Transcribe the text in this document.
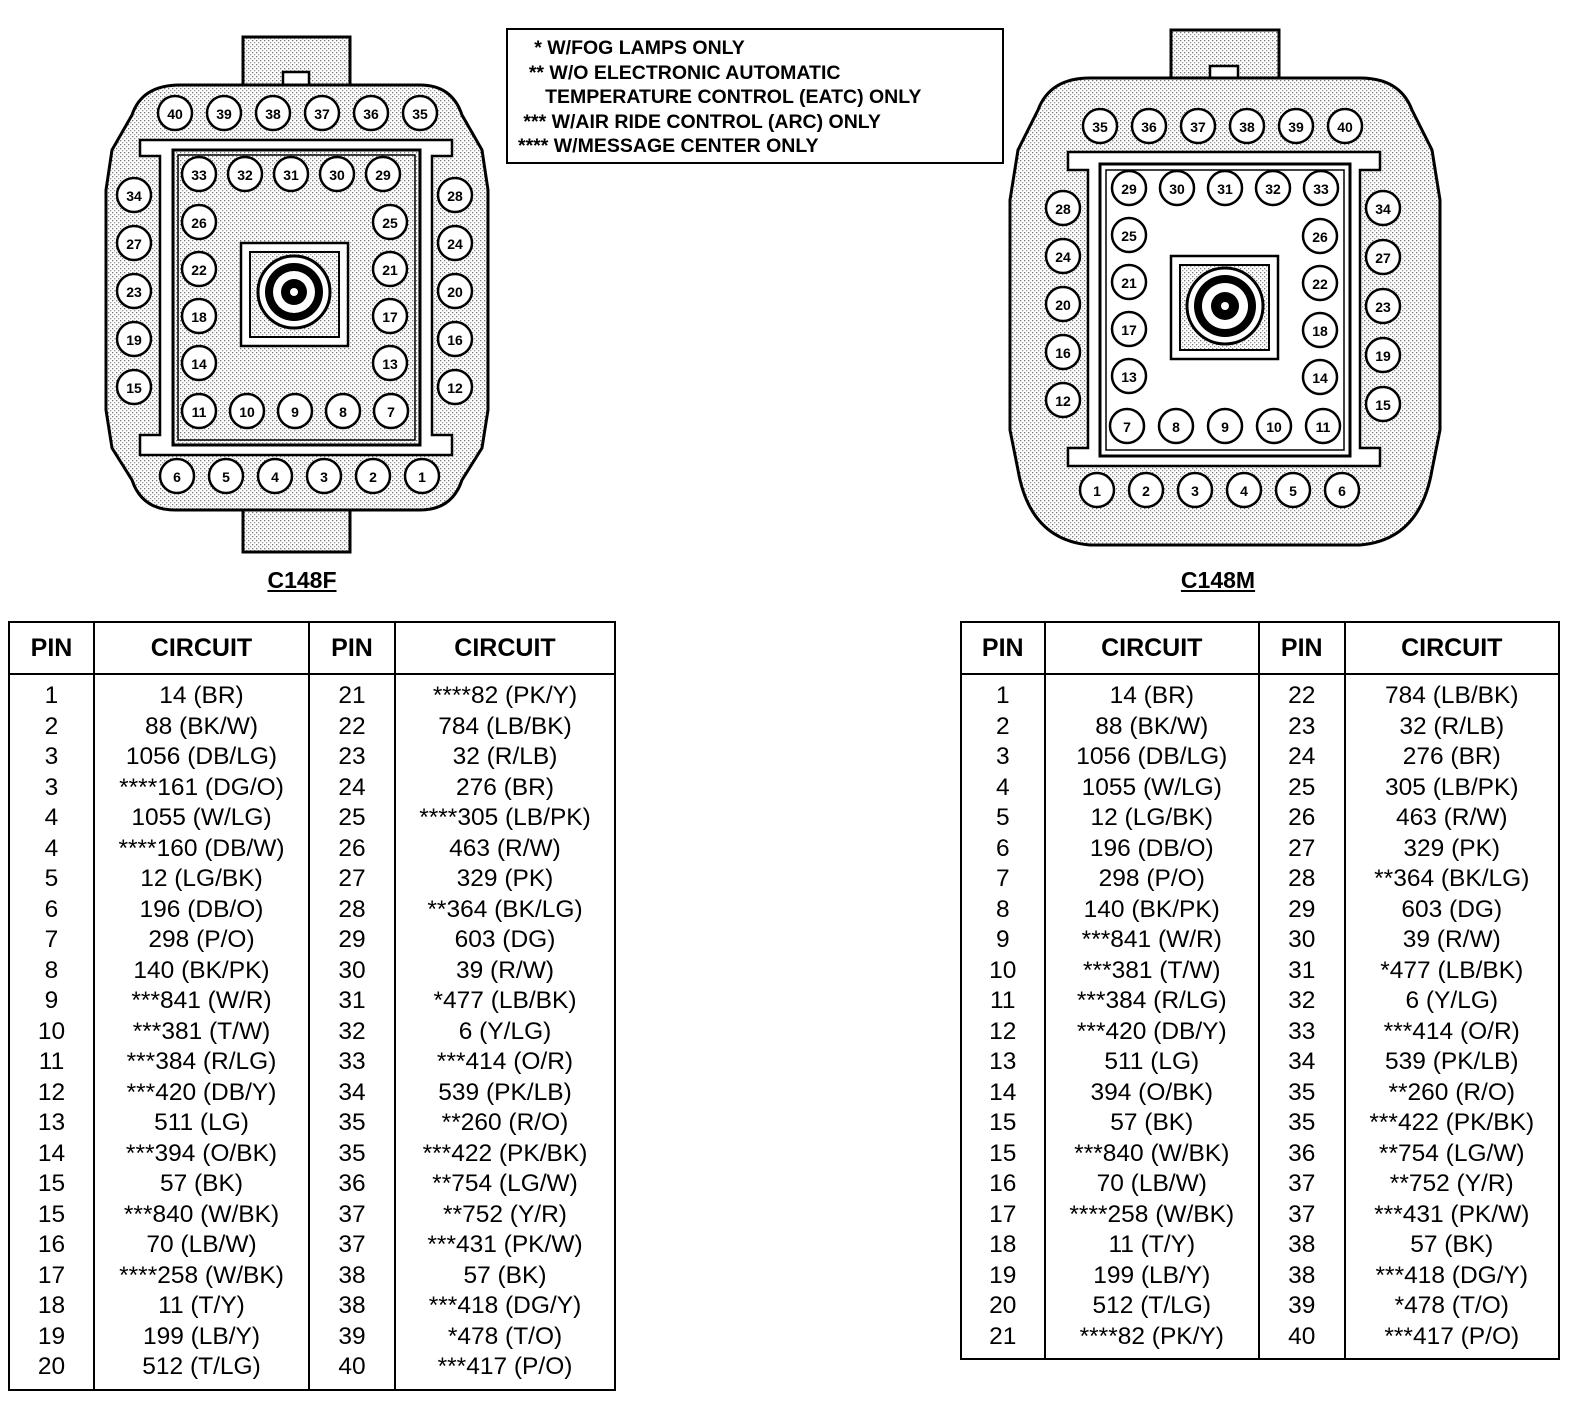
40 39 38 37 36 35
33 32 31 30 29
26
22
18
14
25
21
17
13
11 10	9	8	7
34
27
23
19
15
28
24
20
16
12
6	5	4	3	2	1
35 36 37 38 39 40
29 30 31 32 33
25
21
17
13
26
22
18
14
7	8	9	10 11
28
24
20
16
12
34
27
23
19
15
1	2	3	4	5	6
C148F	C148M
* W/FOG LAMPS ONLY
** W/O ELECTRONIC AUTOMATIC
TEMPERATURE CONTROL (EATC) ONLY
*** W/AIR RIDE CONTROL (ARC) ONLY
**** W/MESSAGE CENTER ONLY
PIN	CIRCUIT	PIN	CIRCUIT
1	14 (BR)	21	****82 (PK/Y)
2	88 (BK/W)	22	784 (LB/BK)
3	1056 (DB/LG)	23	32 (R/LB)
3	****161 (DG/O)	24	276 (BR)
4	1055 (W/LG)	25	****305 (LB/PK)
4	****160 (DB/W)	26	463 (R/W)
5	12 (LG/BK)	27	329 (PK)
6	196 (DB/O)	28	**364 (BK/LG)
7	298 (P/O)	29	603 (DG)
8	140 (BK/PK)	30	39 (R/W)
9	***841 (W/R)	31	*477 (LB/BK)
10	***381 (T/W)	32	6 (Y/LG)
11	***384 (R/LG)	33	***414 (O/R)
12	***420 (DB/Y)	34	539 (PK/LB)
13	511 (LG)	35	**260 (R/O)
14	***394 (O/BK)	35	***422 (PK/BK)
15	57 (BK)	36	**754 (LG/W)
15	***840 (W/BK)	37	**752 (Y/R)
16	70 (LB/W)	37	***431 (PK/W)
17	****258 (W/BK)	38	57 (BK)
18	11 (T/Y)	38	***418 (DG/Y)
19	199 (LB/Y)	39	*478 (T/O)
20	512 (T/LG)	40	***417 (P/O)
PIN	CIRCUIT	PIN	CIRCUIT
1	14 (BR)	22	784 (LB/BK)
2	88 (BK/W)	23	32 (R/LB)
3	1056 (DB/LG)	24	276 (BR)
4	1055 (W/LG)	25	305 (LB/PK)
5	12 (LG/BK)	26	463 (R/W)
6	196 (DB/O)	27	329 (PK)
7	298 (P/O)	28	**364 (BK/LG)
8	140 (BK/PK)	29	603 (DG)
9	***841 (W/R)	30	39 (R/W)
10	***381 (T/W)	31	*477 (LB/BK)
11	***384 (R/LG)	32	6 (Y/LG)
12	***420 (DB/Y)	33	***414 (O/R)
13	511 (LG)	34	539 (PK/LB)
14	394 (O/BK)	35	**260 (R/O)
15	57 (BK)	35	***422 (PK/BK)
15	***840 (W/BK)	36	**754 (LG/W)
16	70 (LB/W)	37	**752 (Y/R)
17	****258 (W/BK)	37	***431 (PK/W)
18	11 (T/Y)	38	57 (BK)
19	199 (LB/Y)	38	***418 (DG/Y)
20	512 (T/LG)	39	*478 (T/O)
21	****82 (PK/Y)	40	***417 (P/O)
